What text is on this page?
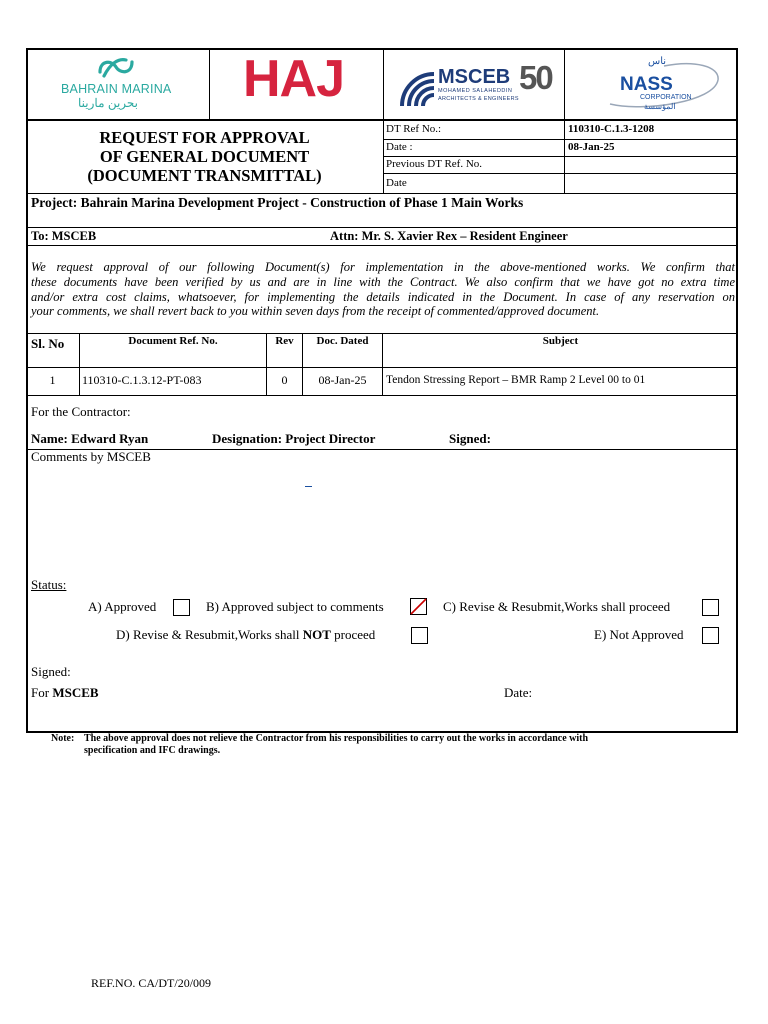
BAHRAIN MARINA
بحرين مارينا HAJ	MSCEB
MOHAMED SALAHEDDIN
ARCHITECTS & ENGINEERS
50	ناس
NASS
CORPORATION
المؤسسة
REQUEST FOR APPROVAL
OF GENERAL DOCUMENT
(DOCUMENT TRANSMITTAL)
DT Ref No.:	110310-C.1.3-1208
Date :	08-Jan-25
Previous DT Ref. No.
Date
Project: Bahrain Marina Development Project - Construction of Phase 1 Main Works
To: MSCEB	Attn: Mr. S. Xavier Rex – Resident Engineer
We request approval of our following Document(s) for implementation in the above-mentioned works. We confirm that
these documents have been verified by us and are in line with the Contract. We also confirm that we have got no extra time
and/or extra cost claims, whatsoever, for implementing the details indicated in the Document. In case of any reservation on
your comments, we shall revert back to you within seven days from the receipt of commented/approved document.
Sl. No	Document Ref. No.	Rev	Doc. Dated	Subject
1	110310-C.1.3.12-PT-083	0	08-Jan-25	Tendon Stressing Report – BMR Ramp 2 Level 00 to 01
For the Contractor:
Name: Edward Ryan	Designation: Project Director	Signed:
Comments by MSCEB
Status:
A) Approved	B) Approved subject to comments	C) Revise & Resubmit,Works shall proceed
D) Revise & Resubmit,Works shall NOT proceed	E) Not Approved
Signed:
For MSCEB	Date:
Note: The above approval does not relieve the Contractor from his responsibilities to carry out the works in accordance with
specification and IFC drawings.
REF.NO. CA/DT/20/009
